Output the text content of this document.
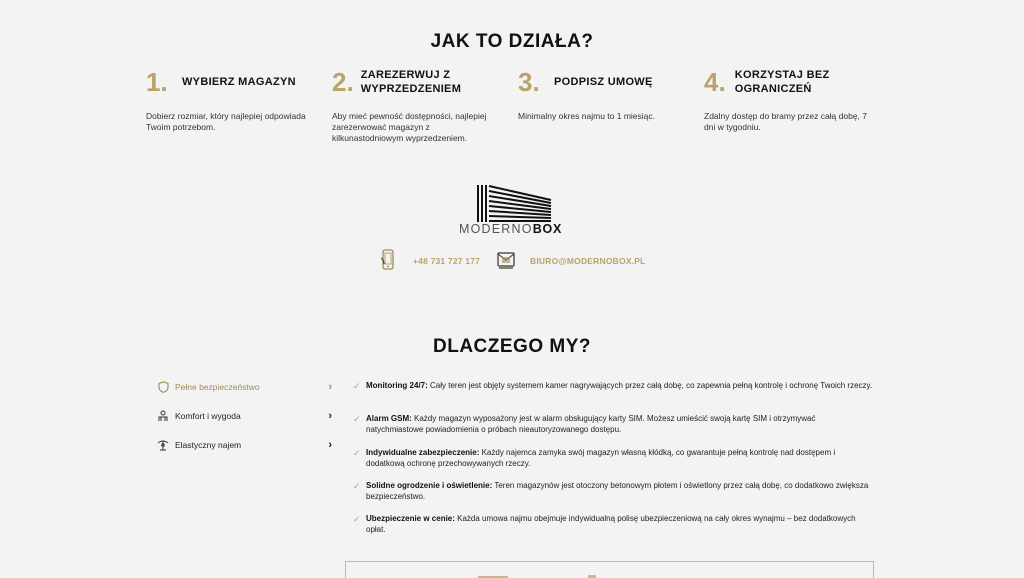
JAK TO DZIAŁA?
1.	WYBIERZ MAGAZYN
Dobierz rozmiar, który najlepiej odpowiada Twoim potrzebom.
2. ZAREZERWUJ Z WYPRZEDZENIEM
Aby mieć pewność dostępności, najlepiej zarezerwować magazyn z kilkunastodniowym wyprzedzeniem.
3.	PODPISZ UMOWĘ
Minimalny okres najmu to 1 miesiąc.
4. KORZYSTAJ BEZ OGRANICZEŃ
Zdalny dostęp do bramy przez całą dobę, 7 dni w tygodniu.
MODERNOBOX
+48 731 727 177	BIURO@MODERNOBOX.PL
DLACZEGO MY?
Pełne bezpieczeństwo	›
Komfort i wygoda	›
Elastyczny najem	›
✓ Monitoring 24/7: Cały teren jest objęty systemem kamer nagrywających przez całą dobę, co zapewnia pełną kontrolę i ochronę Twoich rzeczy.
✓ Alarm GSM: Każdy magazyn wyposażony jest w alarm obsługujący karty SIM. Możesz umieścić swoją kartę SIM i otrzymywać natychmiastowe powiadomienia o próbach nieautoryzowanego dostępu.
✓ Indywidualne zabezpieczenie: Każdy najemca zamyka swój magazyn własną kłódką, co gwarantuje pełną kontrolę nad dostępem i dodatkową ochronę przechowywanych rzeczy.
✓ Solidne ogrodzenie i oświetlenie: Teren magazynów jest otoczony betonowym płotem i oświetlony przez całą dobę, co dodatkowo zwiększa bezpieczeństwo.
✓ Ubezpieczenie w cenie: Każda umowa najmu obejmuje indywidualną polisę ubezpieczeniową na cały okres wynajmu – bez dodatkowych opłat.
